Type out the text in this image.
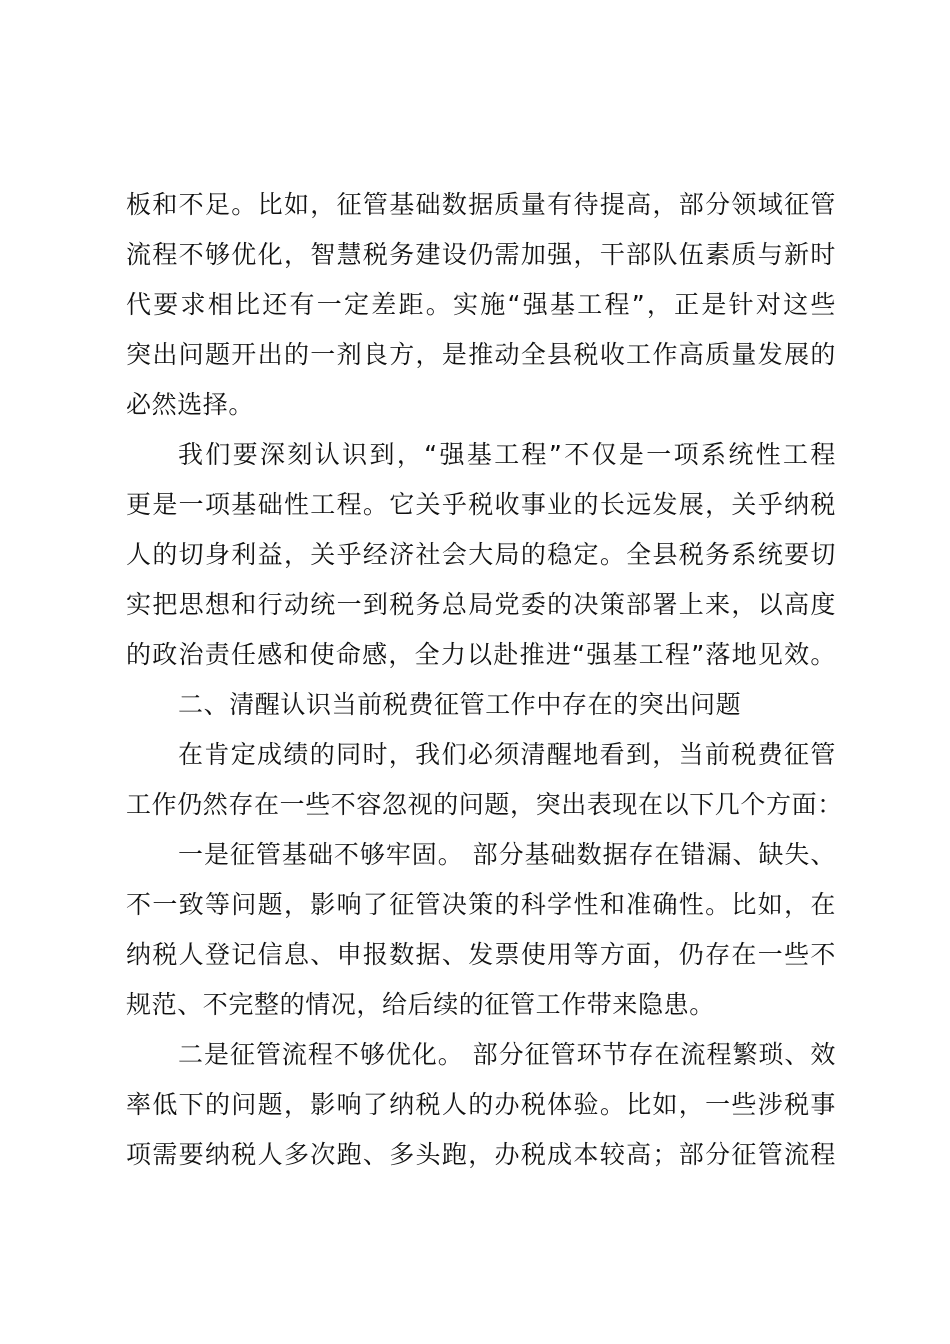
板和不足。比如，征管基础数据质量有待提高，部分领域征管
流程不够优化，智慧税务建设仍需加强，干部队伍素质与新时
代要求相比还有一定差距。实施“强基工程”，正是针对这些
突出问题开出的一剂良方，是推动全县税收工作高质量发展的
必然选择。
我们要深刻认识到，“强基工程”不仅是一项系统性工程
更是一项基础性工程。它关乎税收事业的长远发展，关乎纳税
人的切身利益，关乎经济社会大局的稳定。全县税务系统要切
实把思想和行动统一到税务总局党委的决策部署上来，以高度
的政治责任感和使命感，全力以赴推进“强基工程”落地见效。
二、清醒认识当前税费征管工作中存在的突出问题
在肯定成绩的同时，我们必须清醒地看到，当前税费征管
工作仍然存在一些不容忽视的问题，突出表现在以下几个方面：
一是征管基础不够牢固。 部分基础数据存在错漏、缺失、
不一致等问题，影响了征管决策的科学性和准确性。比如，在
纳税人登记信息、申报数据、发票使用等方面，仍存在一些不
规范、不完整的情况，给后续的征管工作带来隐患。
二是征管流程不够优化。 部分征管环节存在流程繁琐、效
率低下的问题，影响了纳税人的办税体验。比如，一些涉税事
项需要纳税人多次跑、多头跑，办税成本较高；部分征管流程
